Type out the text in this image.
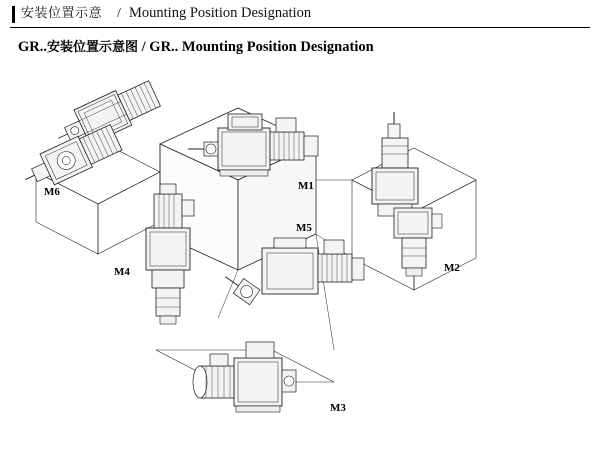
安装位置示意 / Mounting Position Designation
GR..安装位置示意图 / GR.. Mounting Position Designation
M6	M1
M2
M3
M4
M5
